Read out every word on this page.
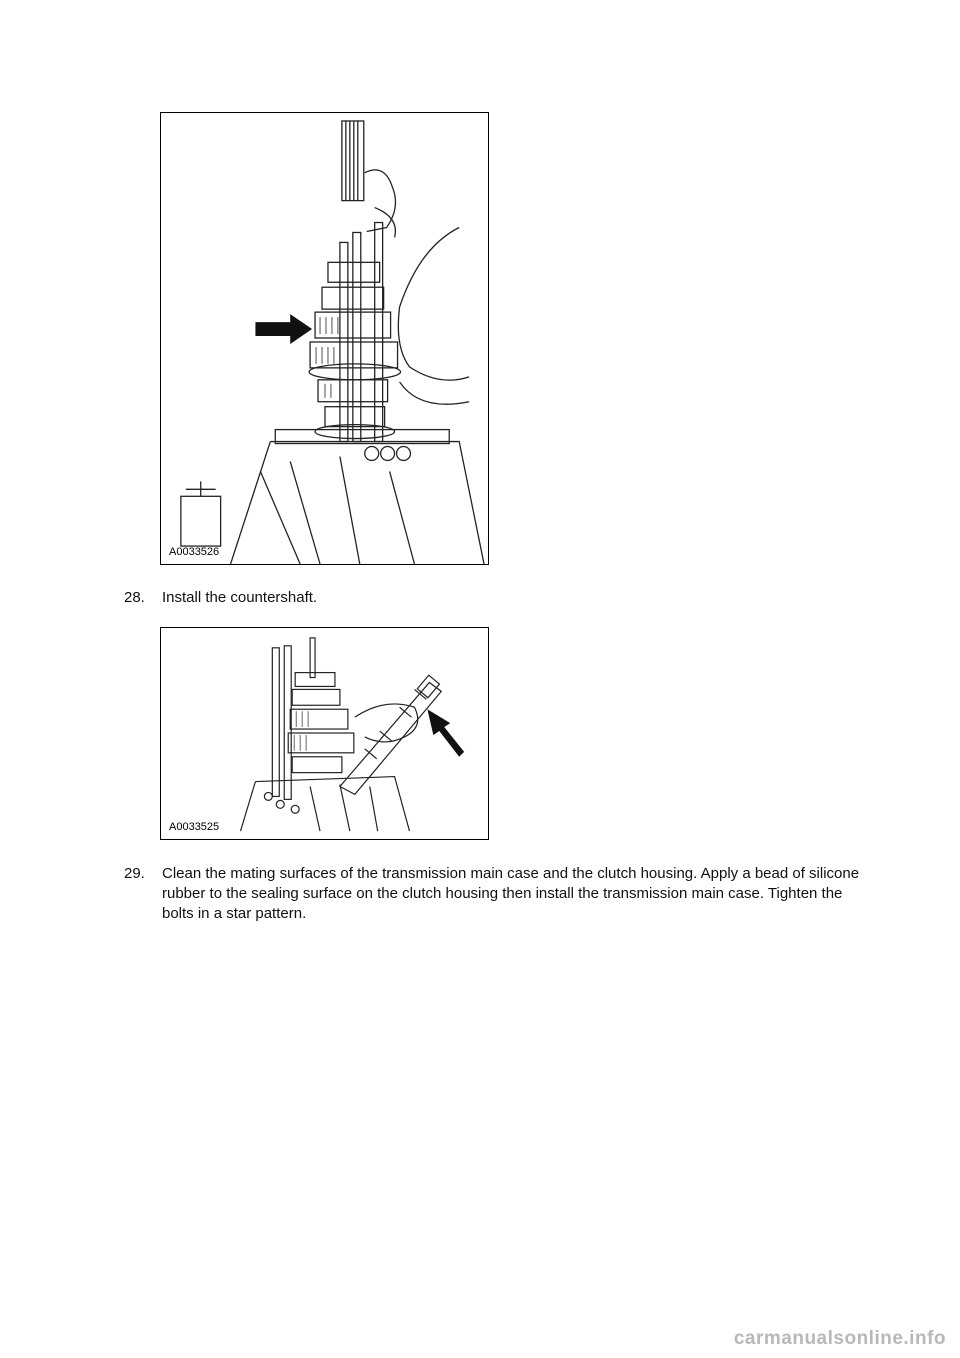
A0033526
28.	Install the countershaft.
A0033525
29.	Clean the mating surfaces of the transmission main case and the clutch housing. Apply a bead of silicone rubber to the sealing surface on the clutch housing then install the transmission main case. Tighten the bolts in a star pattern.
carmanualsonline.info
